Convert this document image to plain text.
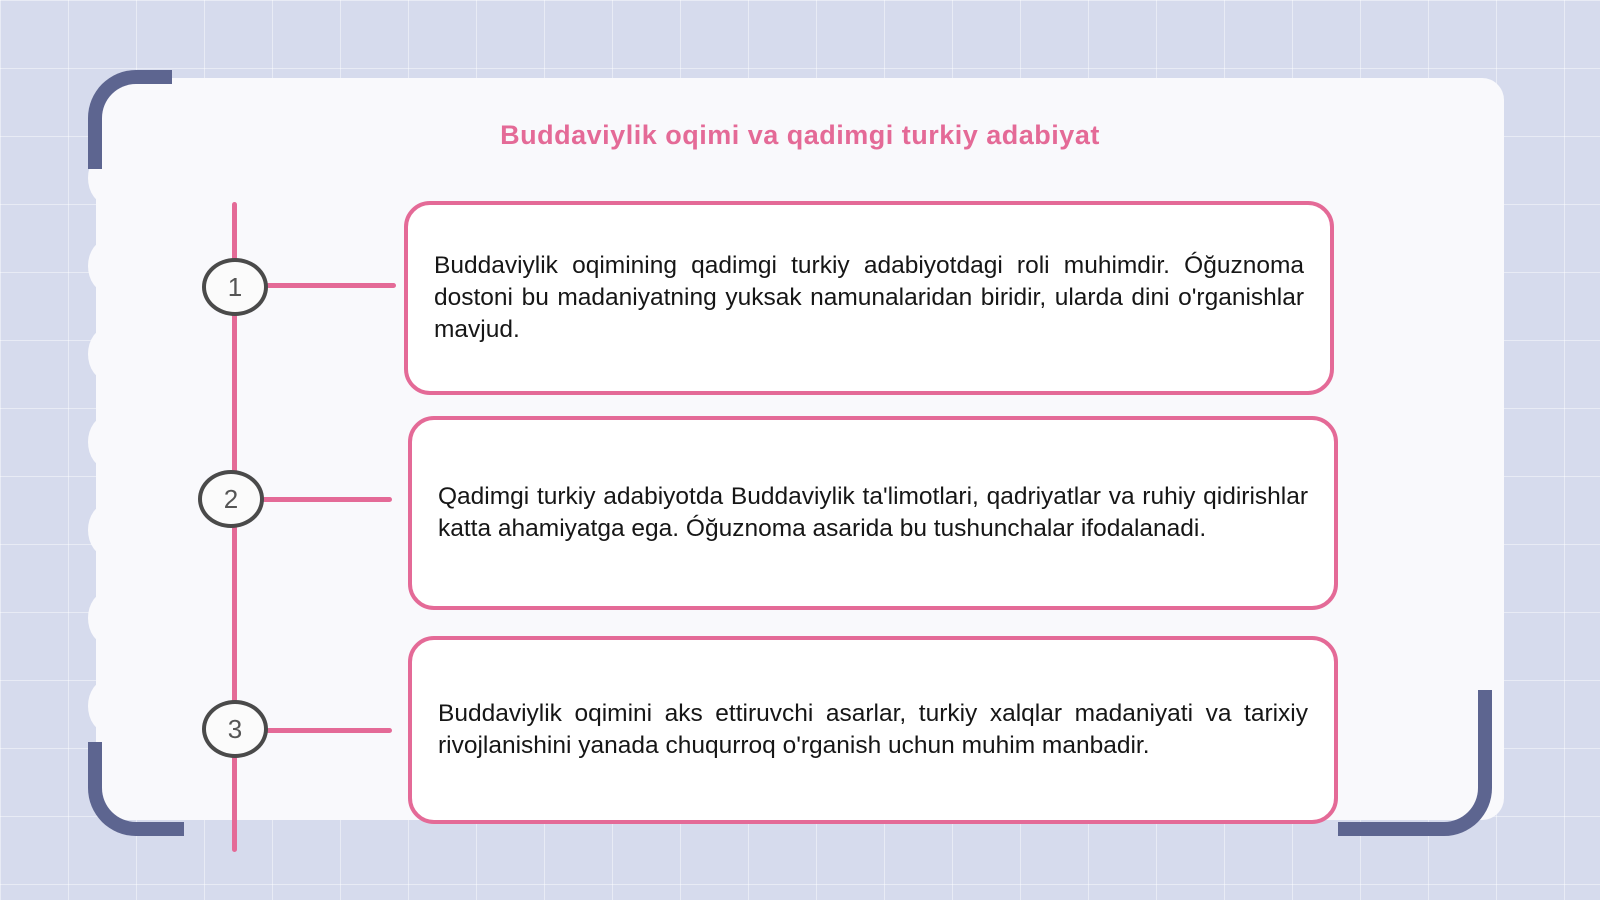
Buddaviylik oqimi va qadimgi turkiy adabiyat
1
2
3
Buddaviylik oqimining qadimgi turkiy adabiyotdagi roli muhimdir. Óğuznoma dostoni bu madaniyatning yuksak namunalaridan biridir, ularda dini o'rganishlar mavjud.
Qadimgi turkiy adabiyotda Buddaviylik ta'limotlari, qadriyatlar va ruhiy qidirishlar katta ahamiyatga ega. Óğuznoma asarida bu tushunchalar ifodalanadi.
Buddaviylik oqimini aks ettiruvchi asarlar, turkiy xalqlar madaniyati va tarixiy rivojlanishini yanada chuqurroq o'rganish uchun muhim manbadir.
